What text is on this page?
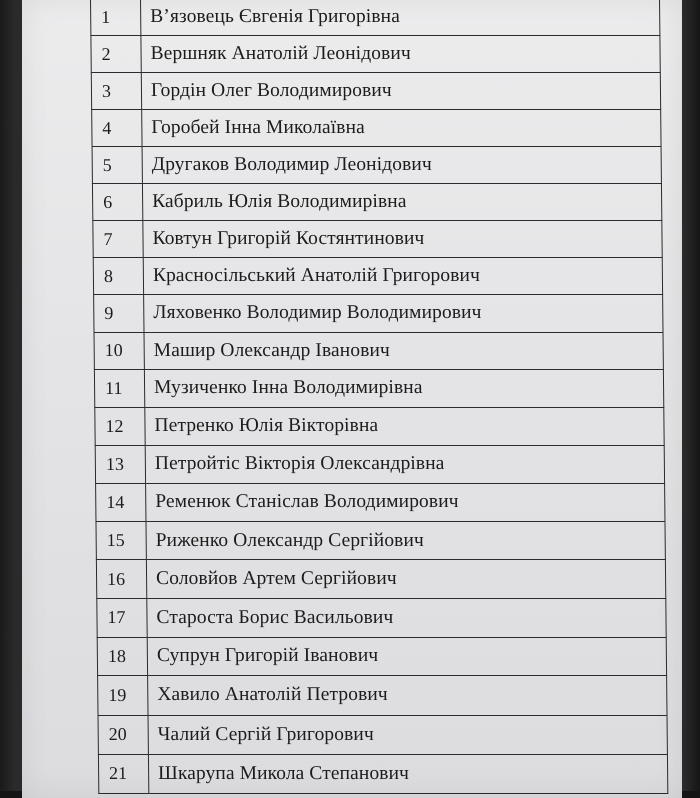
1	В’язовець Євгенія Григорівна
2	Вершняк Анатолій Леонідович
3	Гордін Олег Володимирович
4	Горобей Інна Миколаївна
5	Другаков Володимир Леонідович
6	Кабриль Юлія Володимирівна
7	Ковтун Григорій Костянтинович
8	Красносільський Анатолій Григорович
9	Ляховенко Володимир Володимирович
10	Машир Олександр Іванович
11	Музиченко Інна Володимирівна
12	Петренко Юлія Вікторівна
13	Петройтіс Вікторія Олександрівна
14	Ременюк Станіслав Володимирович
15	Риженко Олександр Сергійович
16	Соловйов Артем Сергійович
17	Староста Борис Васильович
18	Супрун Григорій Іванович
19	Хавило Анатолій Петрович
20	Чалий Сергій Григорович
21	Шкарупа Микола Степанович
